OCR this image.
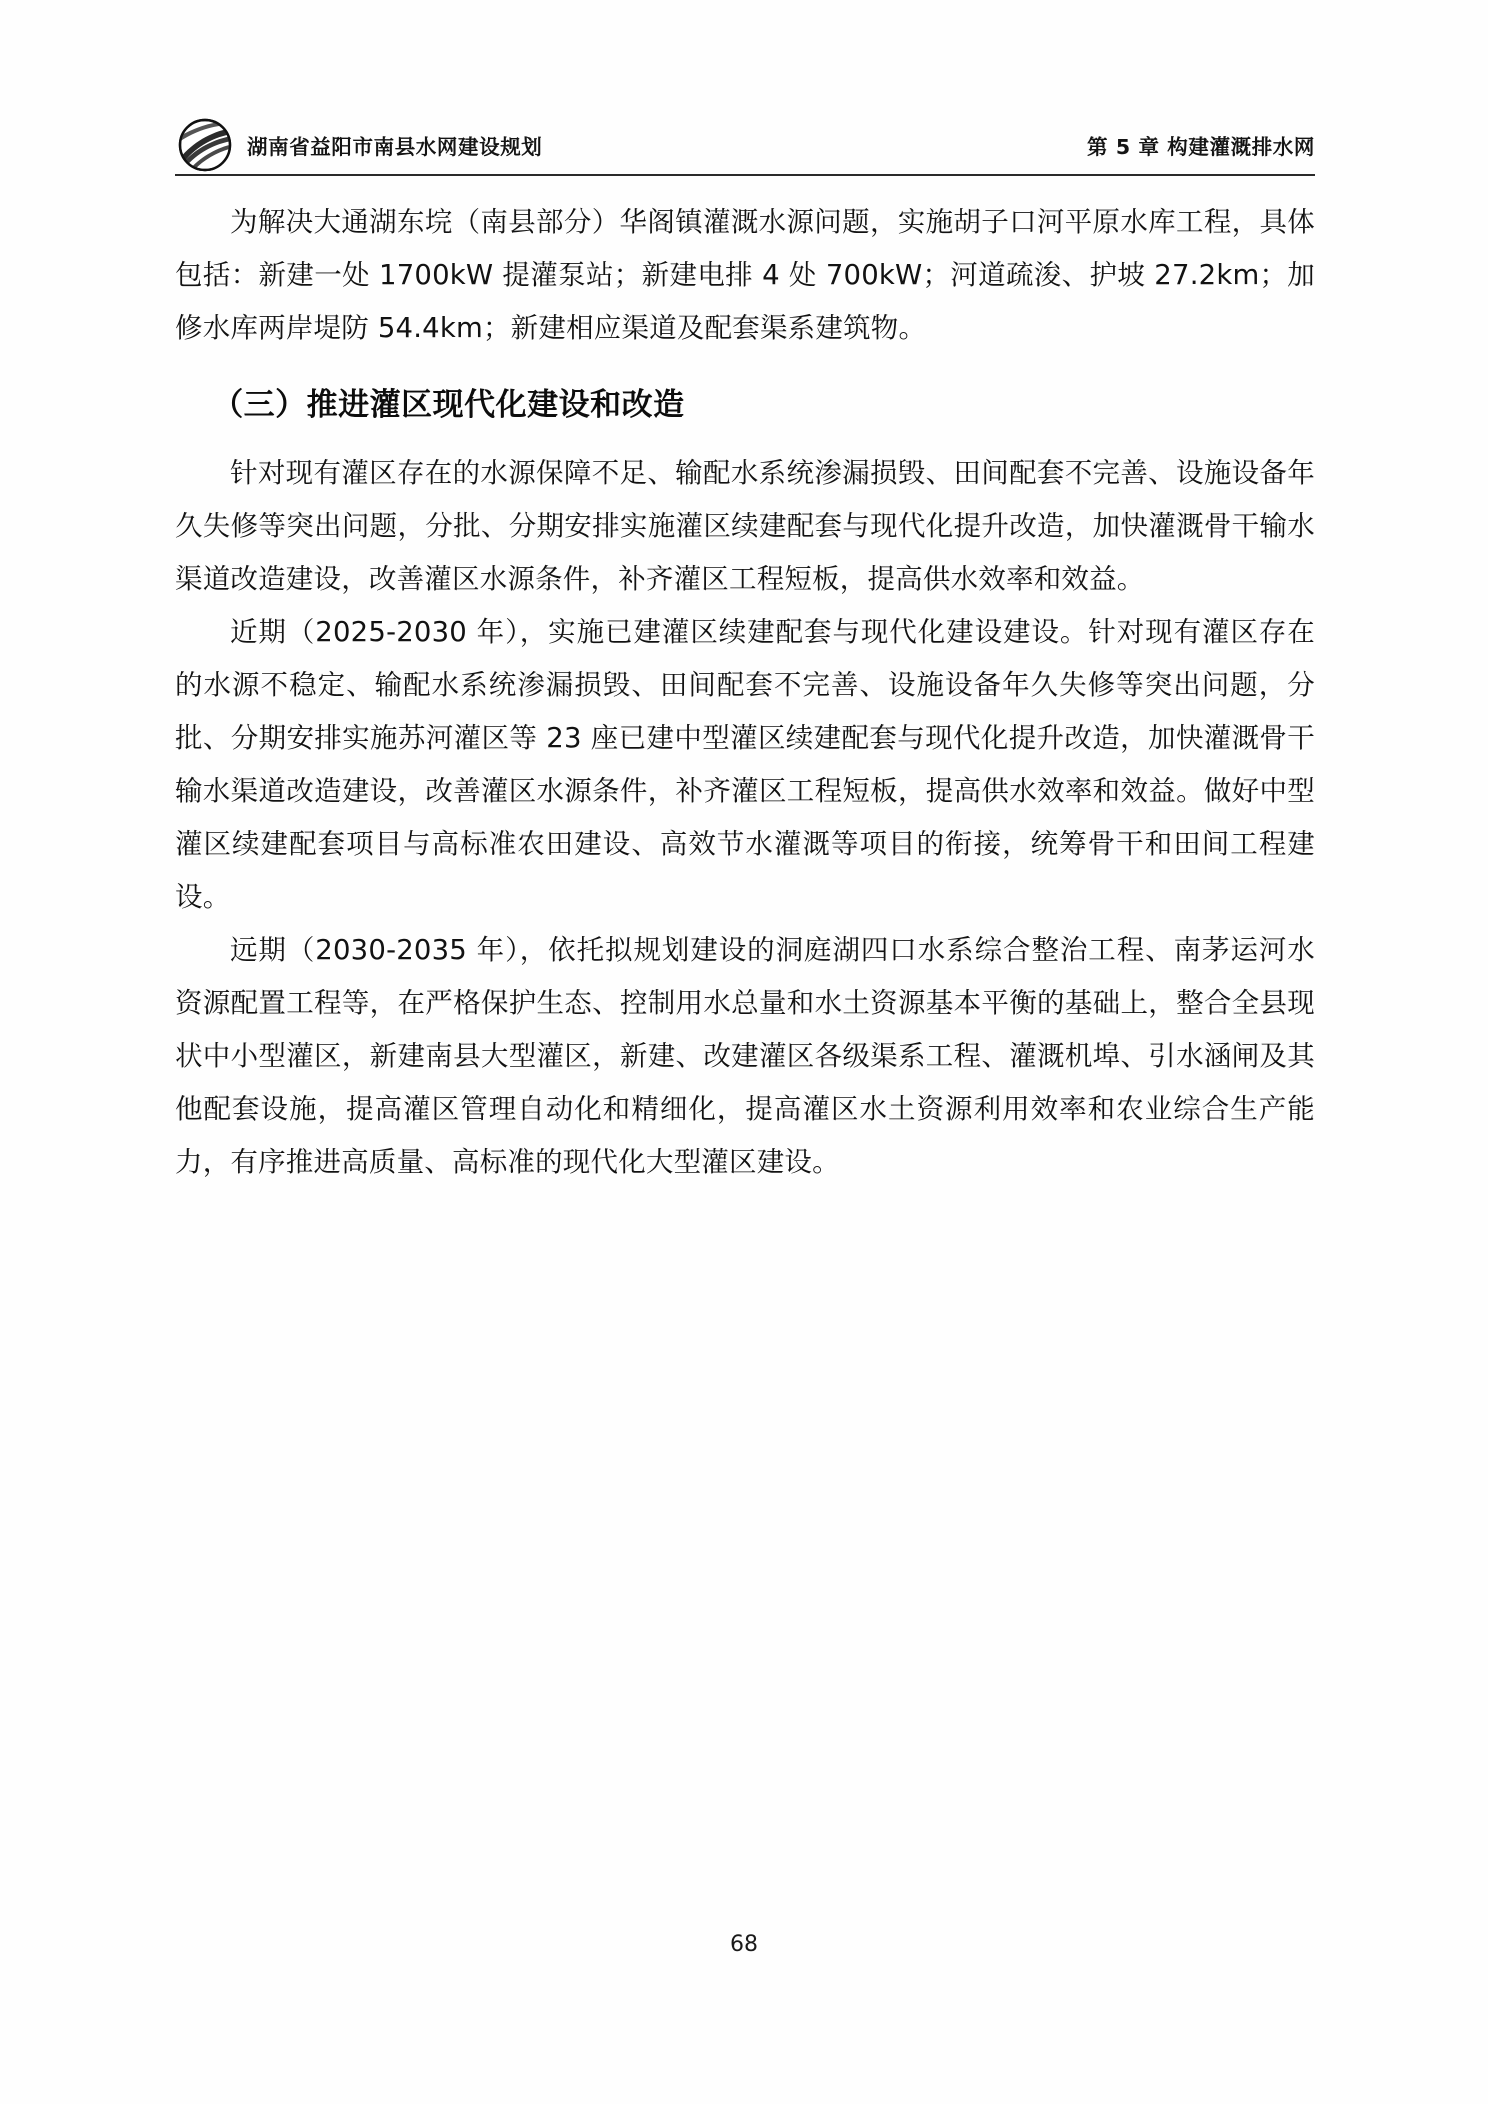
湖南省益阳市南县水网建设规划	第 5 章 构建灌溉排水网

为解决大通湖东垸（南县部分）华阁镇灌溉水源问题，实施胡子口河平原水库工程，具体包括：新建一处 1700kW 提灌泵站；新建电排 4 处 700kW；河道疏浚、护坡 27.2km；加修水库两岸堤防 54.4km；新建相应渠道及配套渠系建筑物。

（三）推进灌区现代化建设和改造

针对现有灌区存在的水源保障不足、输配水系统渗漏损毁、田间配套不完善、设施设备年久失修等突出问题，分批、分期安排实施灌区续建配套与现代化提升改造，加快灌溉骨干输水渠道改造建设，改善灌区水源条件，补齐灌区工程短板，提高供水效率和效益。

近期（2025-2030 年），实施已建灌区续建配套与现代化建设建设。针对现有灌区存在的水源不稳定、输配水系统渗漏损毁、田间配套不完善、设施设备年久失修等突出问题，分批、分期安排实施苏河灌区等 23 座已建中型灌区续建配套与现代化提升改造，加快灌溉骨干输水渠道改造建设，改善灌区水源条件，补齐灌区工程短板，提高供水效率和效益。做好中型灌区续建配套项目与高标准农田建设、高效节水灌溉等项目的衔接，统筹骨干和田间工程建设。

远期（2030-2035 年），依托拟规划建设的洞庭湖四口水系综合整治工程、南茅运河水资源配置工程等，在严格保护生态、控制用水总量和水土资源基本平衡的基础上，整合全县现状中小型灌区，新建南县大型灌区，新建、改建灌区各级渠系工程、灌溉机埠、引水涵闸及其他配套设施，提高灌区管理自动化和精细化，提高灌区水土资源利用效率和农业综合生产能力，有序推进高质量、高标准的现代化大型灌区建设。

68
